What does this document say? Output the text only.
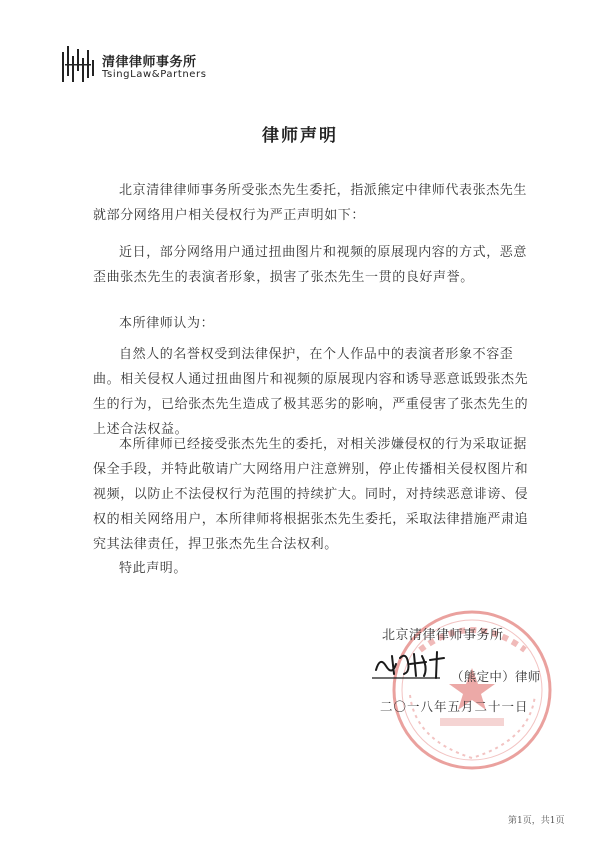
清律律师事务所
TsingLaw&Partners
律师声明

北京清律律师事务所受张杰先生委托，指派熊定中律师代表张杰先生就部分网络用户相关侵权行为严正声明如下：

近日，部分网络用户通过扭曲图片和视频的原展现内容的方式，恶意歪曲张杰先生的表演者形象，损害了张杰先生一贯的良好声誉。

本所律师认为：

自然人的名誉权受到法律保护，在个人作品中的表演者形象不容歪曲。相关侵权人通过扭曲图片和视频的原展现内容和诱导恶意诋毁张杰先生的行为，已给张杰先生造成了极其恶劣的影响，严重侵害了张杰先生的上述合法权益。

本所律师已经接受张杰先生的委托，对相关涉嫌侵权的行为采取证据保全手段，并特此敬请广大网络用户注意辨别，停止传播相关侵权图片和视频，以防止不法侵权行为范围的持续扩大。同时，对持续恶意诽谤、侵权的相关网络用户，本所律师将根据张杰先生委托，采取法律措施严肃追究其法律责任，捍卫张杰先生合法权利。

特此声明。

北京清律律师事务所
（熊定中）律师
二〇一八年五月二十一日
第1页，共1页
